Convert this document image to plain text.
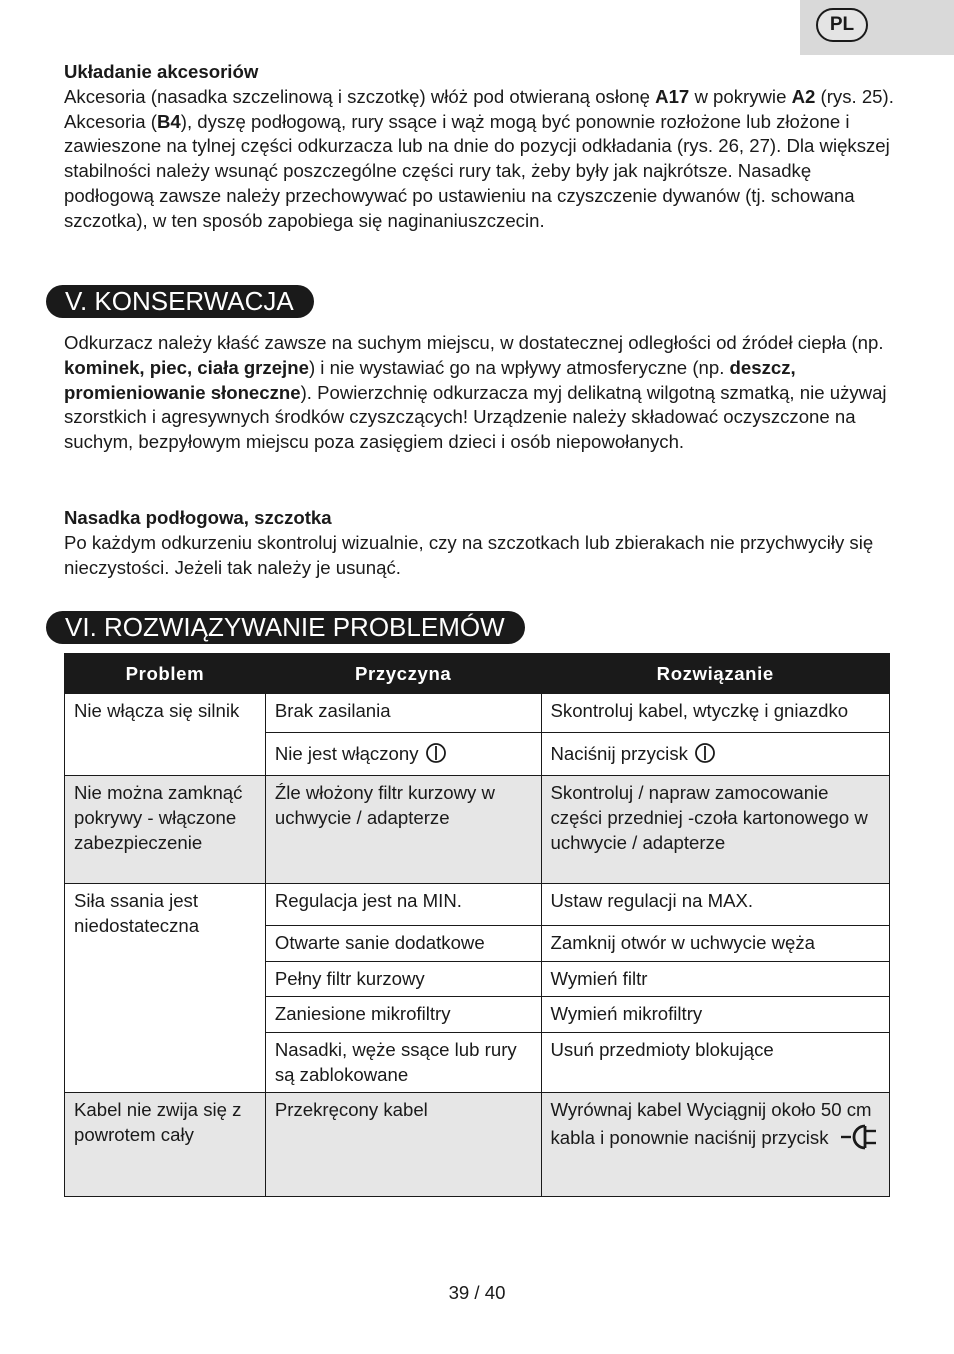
PL

Układanie akcesoriów

Akcesoria (nasadka szczelinową i szczotkę) włóż pod otwieraną osłonę A17 w pokrywie A2 (rys. 25). Akcesoria (B4), dyszę podłogową, rury ssące i wąż mogą być ponownie rozłożone lub złożone i zawieszone na tylnej części odkurzacza lub na dnie do pozycji odkładania (rys. 26, 27). Dla większej stabilności należy wsunąć poszczególne części rury tak, żeby były jak najkrótsze. Nasadkę podłogową zawsze należy przechowywać po ustawieniu na czyszczenie dywanów (tj. schowana szczotka), w ten sposób zapobiega się naginaniuszczecin.

V. KONSERWACJA

Odkurzacz należy kłaść zawsze na suchym miejscu, w dostatecznej odległości od źródeł ciepła (np. kominek, piec, ciała grzejne) i nie wystawiać go na wpływy atmosferyczne (np. deszcz, promieniowanie słoneczne). Powierzchnię odkurzacza myj delikatną wilgotną szmatką, nie używaj szorstkich i agresywnych środków czyszczących! Urządzenie należy składować oczyszczone na suchym, bezpyłowym miejscu poza zasięgiem dzieci i osób niepowołanych.

Nasadka podłogowa, szczotka

Po każdym odkurzeniu skontroluj wizualnie, czy na szczotkach lub zbierakach nie przychwyciły się nieczystości. Jeżeli tak należy je usunąć.

VI. ROZWIĄZYWANIE PROBLEMÓW
Problem	Przyczyna	Rozwiązanie
Nie włącza się silnik	Brak zasilania	Skontroluj kabel, wtyczkę i gniazdko
	Nie jest włączony	Naciśnij przycisk
Nie można zamknąć pokrywy - włączone zabezpieczenie	Źle włożony filtr kurzowy w uchwycie / adapterze	Skontroluj / napraw zamocowanie części przedniej -czoła kartonowego w uchwycie / adapterze
Siła ssania jest niedostateczna	Regulacja jest na MIN.	Ustaw regulacji na MAX.
	Otwarte sanie dodatkowe	Zamknij otwór w uchwycie węża
	Pełny filtr kurzowy	Wymień filtr
	Zaniesione mikrofiltry	Wymień mikrofiltry
	Nasadki, węże ssące lub rury są zablokowane	Usuń przedmioty blokujące
Kabel nie zwija się z powrotem cały	Przekręcony kabel	Wyrównaj kabel Wyciągnij około 50 cm kabla i ponownie naciśnij przycisk
39 / 40
